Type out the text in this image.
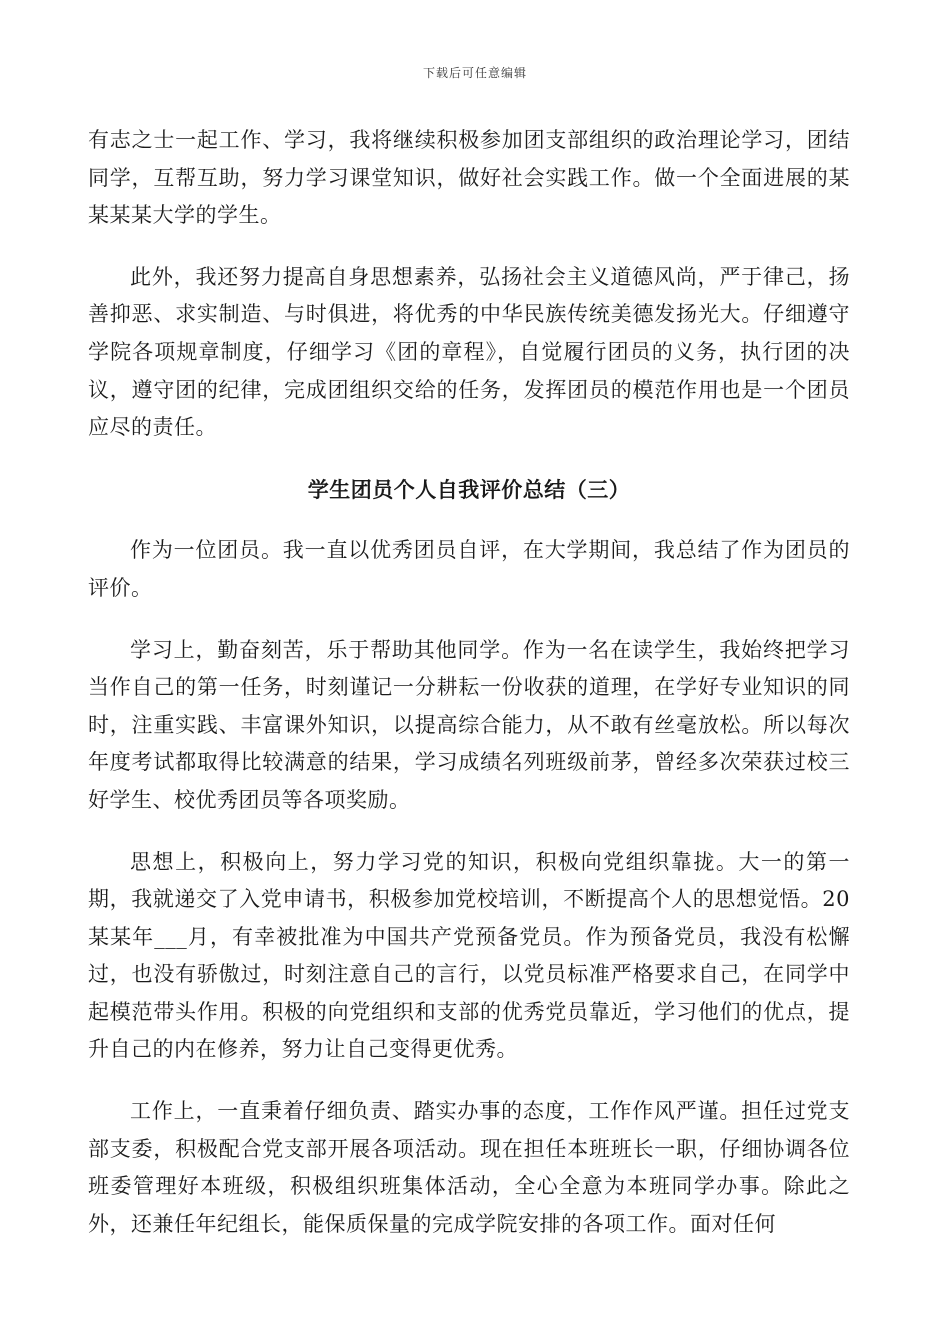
下载后可任意编辑

有志之士一起工作、学习，我将继续积极参加团支部组织的政治理论学习，团结同学，互帮互助，努力学习课堂知识，做好社会实践工作。做一个全面进展的某某某某大学的学生。

此外，我还努力提高自身思想素养，弘扬社会主义道德风尚，严于律己，扬善抑恶、求实制造、与时俱进，将优秀的中华民族传统美德发扬光大。仔细遵守学院各项规章制度，仔细学习《团的章程》，自觉履行团员的义务，执行团的决议，遵守团的纪律，完成团组织交给的任务，发挥团员的模范作用也是一个团员应尽的责任。

学生团员个人自我评价总结（三）

作为一位团员。我一直以优秀团员自评，在大学期间，我总结了作为团员的评价。

学习上，勤奋刻苦，乐于帮助其他同学。作为一名在读学生，我始终把学习当作自己的第一任务，时刻谨记一分耕耘一份收获的道理，在学好专业知识的同时，注重实践、丰富课外知识，以提高综合能力，从不敢有丝毫放松。所以每次年度考试都取得比较满意的结果，学习成绩名列班级前茅，曾经多次荣获过校三好学生、校优秀团员等各项奖励。

思想上，积极向上，努力学习党的知识，积极向党组织靠拢。大一的第一期，我就递交了入党申请书，积极参加党校培训，不断提高个人的思想觉悟。20某某年___月，有幸被批准为中国共产党预备党员。作为预备党员，我没有松懈过，也没有骄傲过，时刻注意自己的言行，以党员标准严格要求自己，在同学中起模范带头作用。积极的向党组织和支部的优秀党员靠近，学习他们的优点，提升自己的内在修养，努力让自己变得更优秀。

工作上，一直秉着仔细负责、踏实办事的态度，工作作风严谨。担任过党支部支委，积极配合党支部开展各项活动。现在担任本班班长一职，仔细协调各位班委管理好本班级，积极组织班集体活动，全心全意为本班同学办事。除此之外，还兼任年纪组长，能保质保量的完成学院安排的各项工作。面对任何
